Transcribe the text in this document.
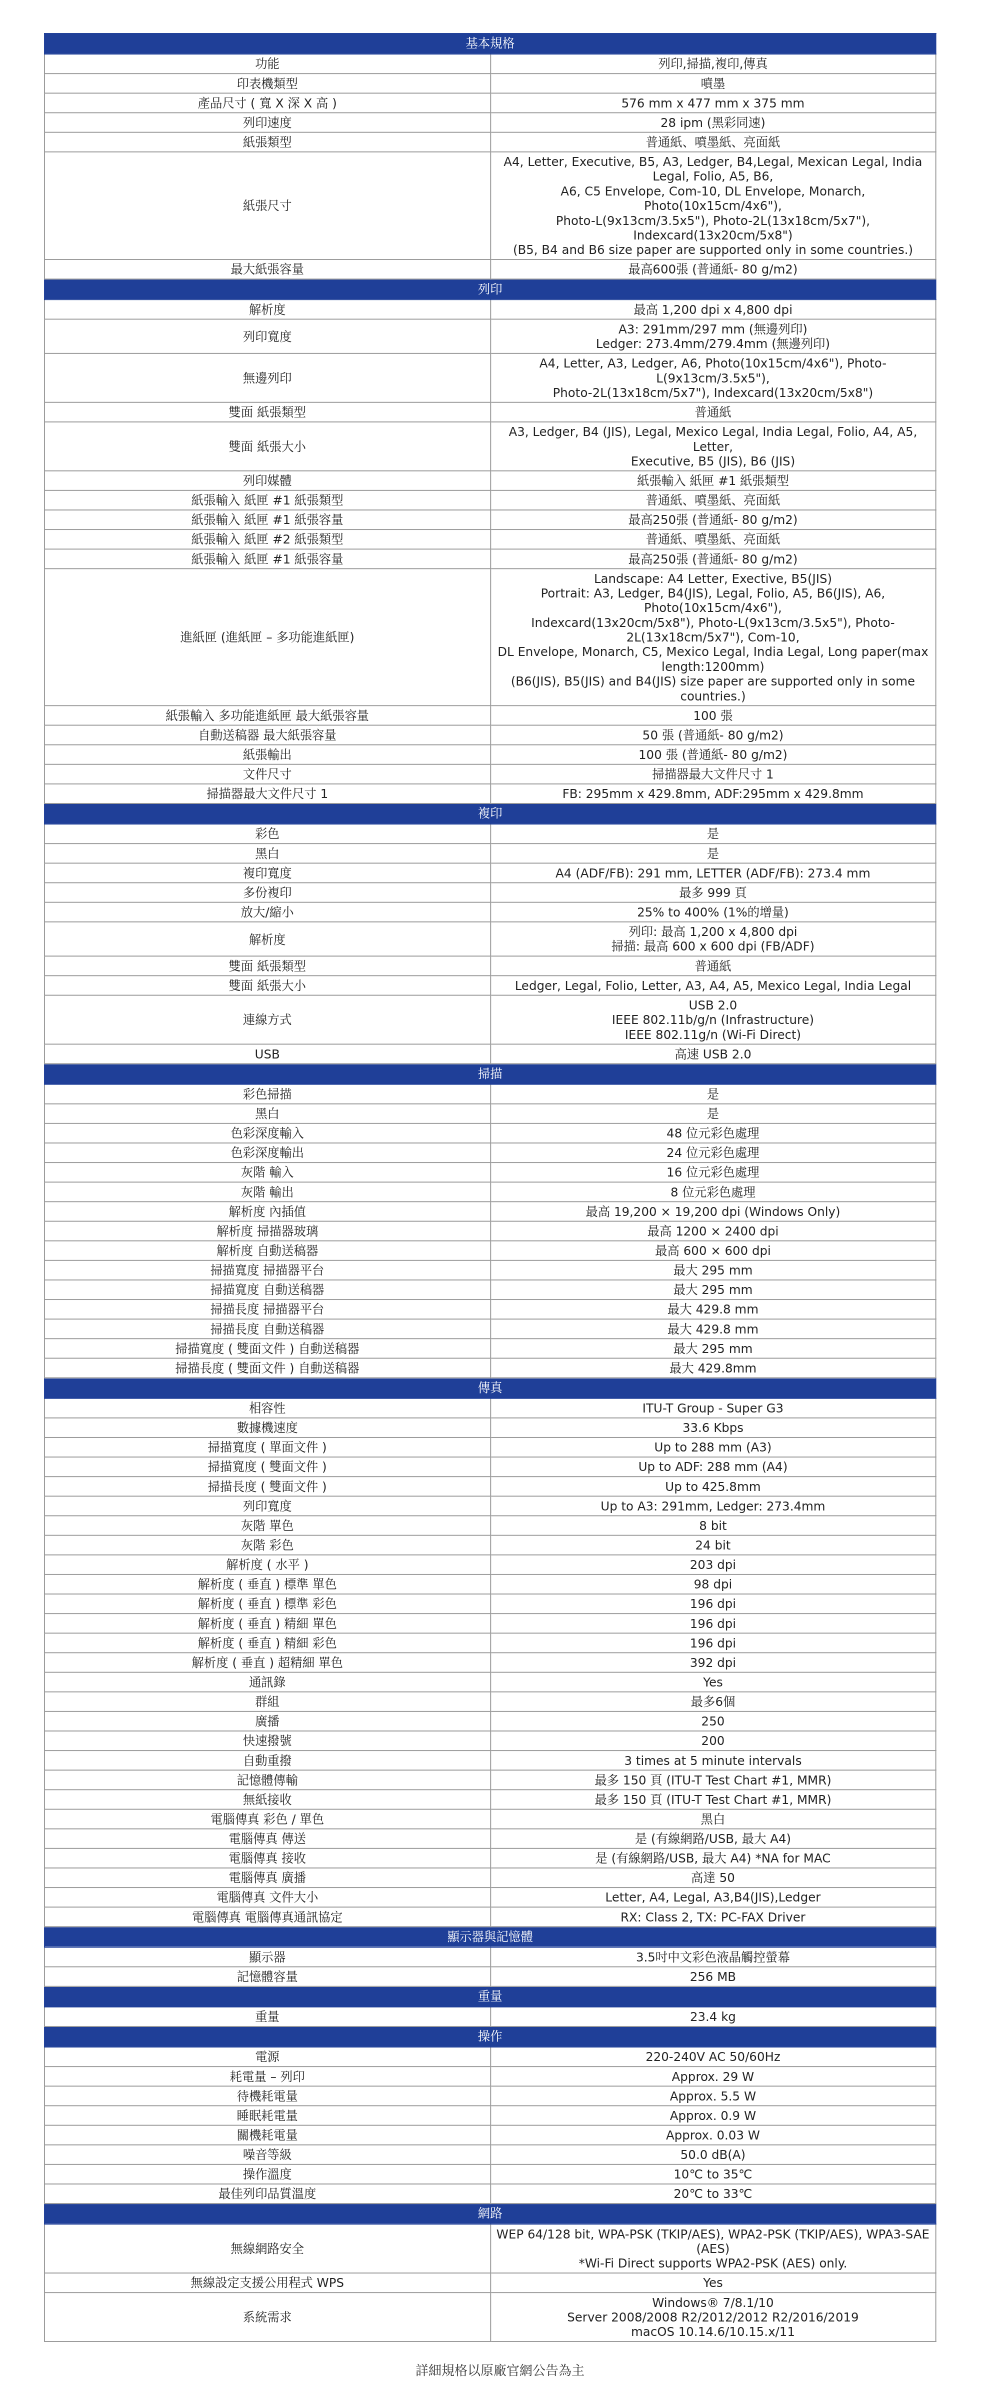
基本規格	
功能	列印,掃描,複印,傳真

印表機類型	噴墨

產品尺寸 ( 寬 X 深 X 高 )	576 mm x 477 mm x 375 mm

列印速度	28 ipm (黑彩同速)

紙張類型	普通紙、噴墨紙、亮面紙

紙張尺寸	A4, Letter, Executive, B5, A3, Ledger, B4,Legal, Mexican Legal, India Legal, Folio, A5, B6,
A6, C5 Envelope, Com-10, DL Envelope, Monarch, Photo(10x15cm/4x6"),
Photo-L(9x13cm/3.5x5"), Photo-2L(13x18cm/5x7"), Indexcard(13x20cm/5x8")
(B5, B4 and B6 size paper are supported only in some countries.)

最大紙張容量	最高600張 (普通紙- 80 g/m2)

列印	
解析度	最高 1,200 dpi x 4,800 dpi

列印寬度	A3: 291mm/297 mm (無邊列印)
Ledger: 273.4mm/279.4mm (無邊列印)

無邊列印	A4, Letter, A3, Ledger, A6, Photo(10x15cm/4x6"), Photo-L(9x13cm/3.5x5"),
Photo-2L(13x18cm/5x7"), Indexcard(13x20cm/5x8")

雙面 紙張類型	普通紙

雙面 紙張大小	A3, Ledger, B4 (JIS), Legal, Mexico Legal, India Legal, Folio, A4, A5, Letter,
Executive, B5 (JIS), B6 (JIS)

列印媒體	紙張輸入 紙匣 #1 紙張類型

紙張輸入 紙匣 #1 紙張類型	普通紙、噴墨紙、亮面紙

紙張輸入 紙匣 #1 紙張容量	最高250張 (普通紙- 80 g/m2)

紙張輸入 紙匣 #2 紙張類型	普通紙、噴墨紙、亮面紙

紙張輸入 紙匣 #1 紙張容量	最高250張 (普通紙- 80 g/m2)

進紙匣 (進紙匣 – 多功能進紙匣)	Landscape: A4 Letter, Exective, B5(JIS)
Portrait: A3, Ledger, B4(JIS), Legal, Folio, A5, B6(JIS), A6, Photo(10x15cm/4x6"),
Indexcard(13x20cm/5x8"), Photo-L(9x13cm/3.5x5"), Photo-2L(13x18cm/5x7"), Com-10,
DL Envelope, Monarch, C5, Mexico Legal, India Legal, Long paper(max length:1200mm)
(B6(JIS), B5(JIS) and B4(JIS) size paper are supported only in some countries.)

紙張輸入 多功能進紙匣 最大紙張容量	100 張

自動送稿器 最大紙張容量	50 張 (普通紙- 80 g/m2)

紙張輸出	100 張 (普通紙- 80 g/m2)

文件尺寸	掃描器最大文件尺寸 1

掃描器最大文件尺寸 1	FB: 295mm x 429.8mm, ADF:295mm x 429.8mm

複印	
彩色	是

黑白	是

複印寬度	A4 (ADF/FB): 291 mm, LETTER (ADF/FB): 273.4 mm

多份複印	最多 999 頁

放大/縮小	25% to 400% (1%的增量)

解析度	列印: 最高 1,200 x 4,800 dpi
掃描: 最高 600 x 600 dpi (FB/ADF)

雙面 紙張類型	普通紙

雙面 紙張大小	Ledger, Legal, Folio, Letter, A3, A4, A5, Mexico Legal, India Legal

連線方式	USB 2.0
IEEE 802.11b/g/n (Infrastructure)
IEEE 802.11g/n (Wi-Fi Direct)

USB	高速 USB 2.0

掃描	
彩色掃描	是

黑白	是

色彩深度輸入	48 位元彩色處理

色彩深度輸出	24 位元彩色處理

灰階 輸入	16 位元彩色處理

灰階 輸出	8 位元彩色處理

解析度 內插值	最高 19,200 × 19,200 dpi (Windows Only)

解析度 掃描器玻璃	最高 1200 × 2400 dpi

解析度 自動送稿器	最高 600 × 600 dpi

掃描寬度 掃描器平台	最大 295 mm

掃描寬度 自動送稿器	最大 295 mm

掃描長度 掃描器平台	最大 429.8 mm

掃描長度 自動送稿器	最大 429.8 mm

掃描寬度 ( 雙面文件 ) 自動送稿器	最大 295 mm

掃描長度 ( 雙面文件 ) 自動送稿器	最大 429.8mm

傳真	
相容性	ITU-T Group - Super G3

數據機速度	33.6 Kbps

掃描寬度 ( 單面文件 )	Up to 288 mm (A3)

掃描寬度 ( 雙面文件 )	Up to ADF: 288 mm (A4)

掃描長度 ( 雙面文件 )	Up to 425.8mm

列印寬度	Up to A3: 291mm, Ledger: 273.4mm

灰階 單色	8 bit

灰階 彩色	24 bit

解析度 ( 水平 )	203 dpi

解析度 ( 垂直 ) 標準 單色	98 dpi

解析度 ( 垂直 ) 標準 彩色	196 dpi

解析度 ( 垂直 ) 精細 單色	196 dpi

解析度 ( 垂直 ) 精細 彩色	196 dpi

解析度 ( 垂直 ) 超精細 單色	392 dpi

通訊錄	Yes

群組	最多6個

廣播	250

快速撥號	200

自動重撥	3 times at 5 minute intervals

記憶體傳輸	最多 150 頁 (ITU-T Test Chart #1, MMR)

無紙接收	最多 150 頁 (ITU-T Test Chart #1, MMR)

電腦傳真 彩色 / 單色	黑白

電腦傳真 傳送	是 (有線網路/USB, 最大 A4)

電腦傳真 接收	是 (有線網路/USB, 最大 A4) *NA for MAC

電腦傳真 廣播	高達 50

電腦傳真 文件大小	Letter, A4, Legal, A3,B4(JIS),Ledger

電腦傳真 電腦傳真通訊協定	RX: Class 2, TX: PC-FAX Driver

顯示器與記憶體	
顯示器	3.5吋中文彩色液晶觸控螢幕

記憶體容量	256 MB

重量	
重量	23.4 kg

操作	
電源	220-240V AC 50/60Hz

耗電量 – 列印	Approx. 29 W

待機耗電量	Approx. 5.5 W

睡眠耗電量	Approx. 0.9 W

關機耗電量	Approx. 0.03 W

噪音等級	50.0 dB(A)

操作溫度	10℃ to 35℃

最佳列印品質溫度	20℃ to 33℃

網路	
無線網路安全	WEP 64/128 bit, WPA-PSK (TKIP/AES), WPA2-PSK (TKIP/AES), WPA3-SAE (AES)
*Wi-Fi Direct supports WPA2-PSK (AES) only.

無線設定支援公用程式 WPS	Yes

系統需求	Windows® 7/8.1/10
Server 2008/2008 R2/2012/2012 R2/2016/2019
macOS 10.14.6/10.15.x/11
詳細規格以原廠官網公告為主
